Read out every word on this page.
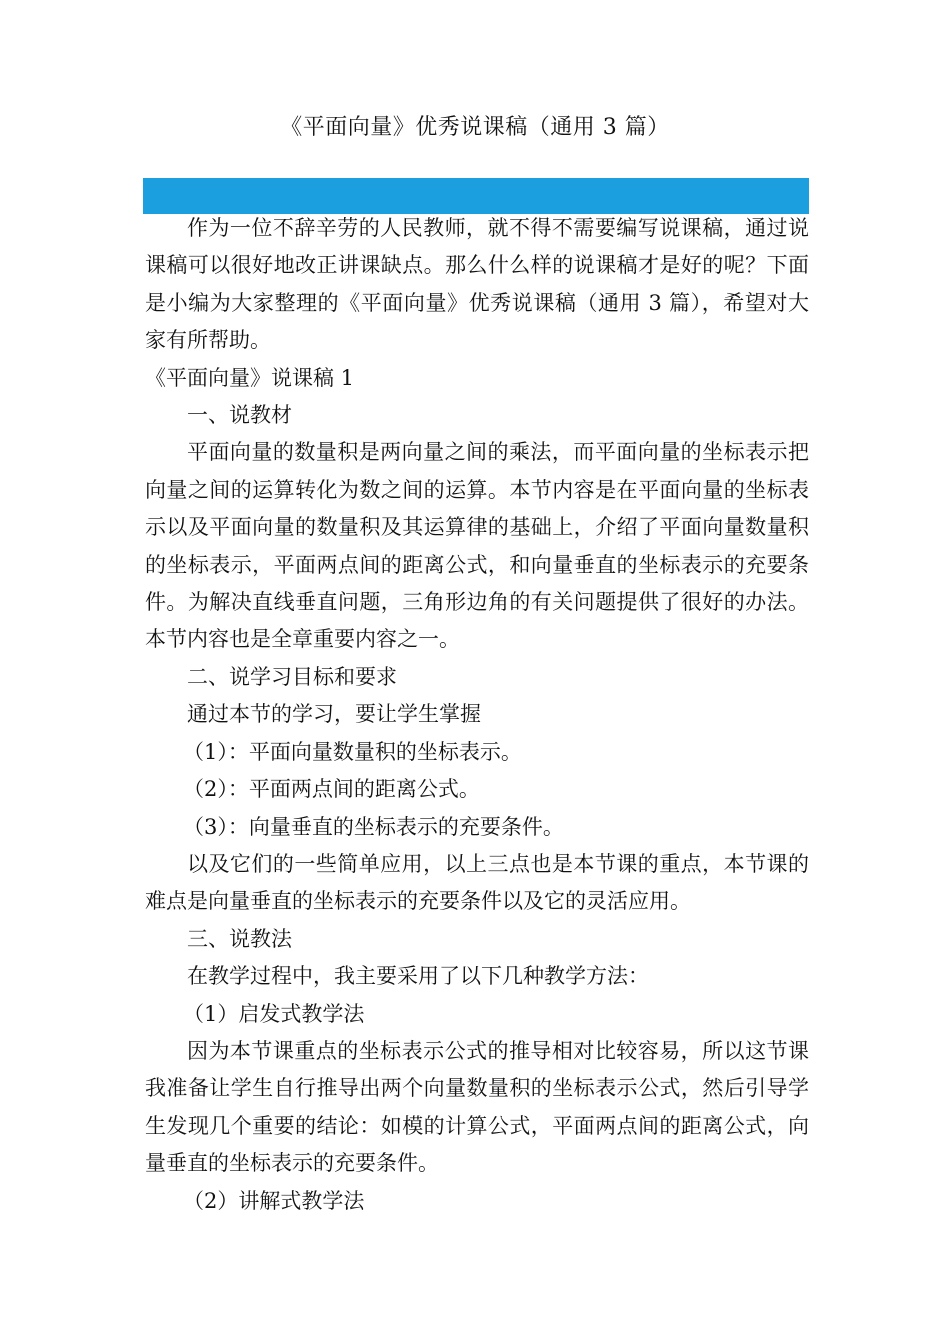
《平面向量》优秀说课稿（通用 3 篇）

作为一位不辞辛劳的人民教师，就不得不需要编写说课稿，通过说课稿可以很好地改正讲课缺点。那么什么样的说课稿才是好的呢？下面是小编为大家整理的《平面向量》优秀说课稿（通用 3 篇），希望对大家有所帮助。

《平面向量》说课稿 1

一、说教材

平面向量的数量积是两向量之间的乘法，而平面向量的坐标表示把向量之间的运算转化为数之间的运算。本节内容是在平面向量的坐标表示以及平面向量的数量积及其运算律的基础上，介绍了平面向量数量积的坐标表示，平面两点间的距离公式，和向量垂直的坐标表示的充要条件。为解决直线垂直问题，三角形边角的有关问题提供了很好的办法。本节内容也是全章重要内容之一。

二、说学习目标和要求

通过本节的学习，要让学生掌握

（1）：平面向量数量积的坐标表示。

（2）：平面两点间的距离公式。

（3）：向量垂直的坐标表示的充要条件。

以及它们的一些简单应用，以上三点也是本节课的重点，本节课的难点是向量垂直的坐标表示的充要条件以及它的灵活应用。

三、说教法

在教学过程中，我主要采用了以下几种教学方法：

（1）启发式教学法

因为本节课重点的坐标表示公式的推导相对比较容易，所以这节课我准备让学生自行推导出两个向量数量积的坐标表示公式，然后引导学生发现几个重要的结论：如模的计算公式，平面两点间的距离公式，向量垂直的坐标表示的充要条件。

（2）讲解式教学法
